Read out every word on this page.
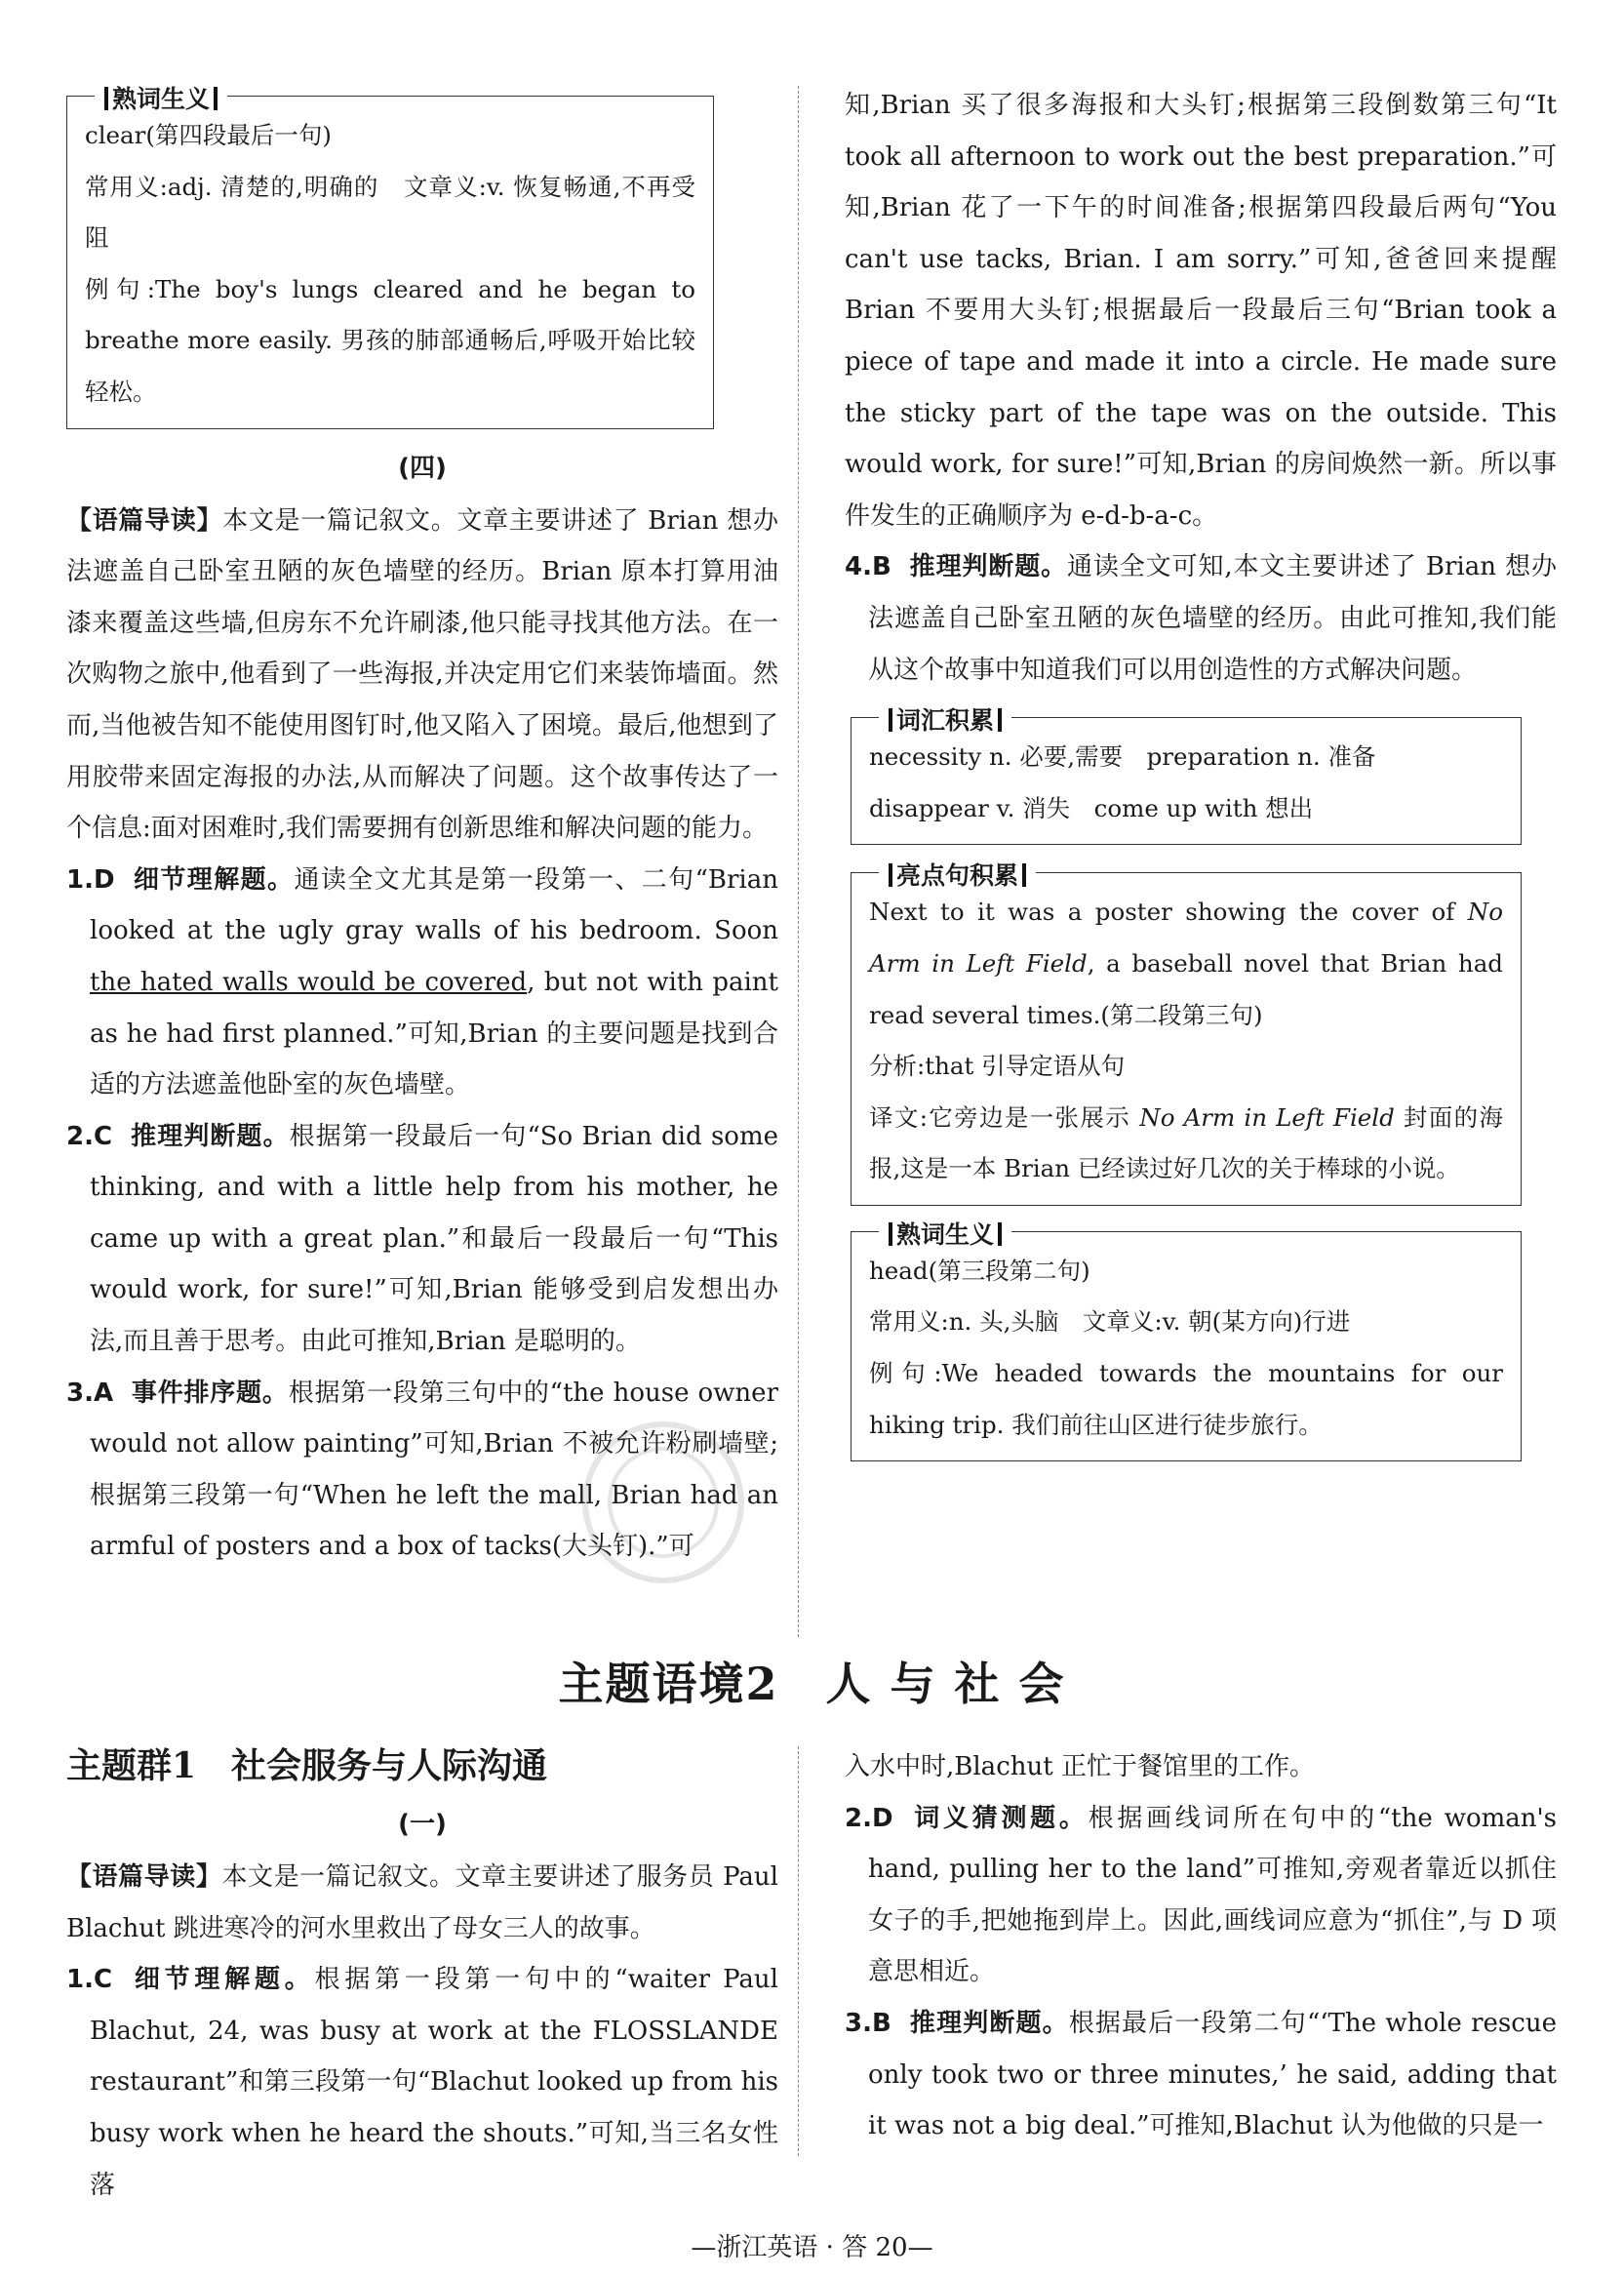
熟词生义

clear(第四段最后一句)

常用义:adj. 清楚的,明确的　文章义:v. 恢复畅通,不再受阻

例句:The boy's lungs cleared and he began to breathe more easily. 男孩的肺部通畅后,呼吸开始比较轻松。

(四)

【语篇导读】本文是一篇记叙文。文章主要讲述了 Brian 想办法遮盖自己卧室丑陋的灰色墙壁的经历。Brian 原本打算用油漆来覆盖这些墙,但房东不允许刷漆,他只能寻找其他方法。在一次购物之旅中,他看到了一些海报,并决定用它们来装饰墙面。然而,当他被告知不能使用图钉时,他又陷入了困境。最后,他想到了用胶带来固定海报的办法,从而解决了问题。这个故事传达了一个信息:面对困难时,我们需要拥有创新思维和解决问题的能力。

1.D 细节理解题。通读全文尤其是第一段第一、二句“Brian looked at the ugly gray walls of his bedroom. Soon the hated walls would be covered, but not with paint as he had first planned.”可知,Brian 的主要问题是找到合适的方法遮盖他卧室的灰色墙壁。

2.C 推理判断题。根据第一段最后一句“So Brian did some thinking, and with a little help from his mother, he came up with a great plan.”和最后一段最后一句“This would work, for sure!”可知,Brian 能够受到启发想出办法,而且善于思考。由此可推知,Brian 是聪明的。

3.A 事件排序题。根据第一段第三句中的“the house owner would not allow painting”可知,Brian 不被允许粉刷墙壁;根据第三段第一句“When he left the mall, Brian had an armful of posters and a box of tacks(大头钉).”可

知,Brian 买了很多海报和大头钉;根据第三段倒数第三句“It took all afternoon to work out the best preparation.”可知,Brian 花了一下午的时间准备;根据第四段最后两句“You can't use tacks, Brian. I am sorry.”可知,爸爸回来提醒 Brian 不要用大头钉;根据最后一段最后三句“Brian took a piece of tape and made it into a circle. He made sure the sticky part of the tape was on the outside. This would work, for sure!”可知,Brian 的房间焕然一新。所以事件发生的正确顺序为 e-d-b-a-c。

4.B 推理判断题。通读全文可知,本文主要讲述了 Brian 想办法遮盖自己卧室丑陋的灰色墙壁的经历。由此可推知,我们能从这个故事中知道我们可以用创造性的方式解决问题。

词汇积累

necessity n. 必要,需要　preparation n. 准备

disappear v. 消失　come up with 想出

亮点句积累

Next to it was a poster showing the cover of No Arm in Left Field, a baseball novel that Brian had read several times.(第二段第三句)

分析:that 引导定语从句

译文:它旁边是一张展示 No Arm in Left Field 封面的海报,这是一本 Brian 已经读过好几次的关于棒球的小说。

熟词生义

head(第三段第二句)

常用义:n. 头,头脑　文章义:v. 朝(某方向)行进

例句:We headed towards the mountains for our hiking trip. 我们前往山区进行徒步旅行。

主题语境2　人 与 社 会
主题群1　社会服务与人际沟通
(一)

【语篇导读】本文是一篇记叙文。文章主要讲述了服务员 Paul Blachut 跳进寒冷的河水里救出了母女三人的故事。

1.C 细节理解题。根据第一段第一句中的“waiter Paul Blachut, 24, was busy at work at the FLOSSLANDE restaurant”和第三段第一句“Blachut looked up from his busy work when he heard the shouts.”可知,当三名女性落

入水中时,Blachut 正忙于餐馆里的工作。

2.D 词义猜测题。根据画线词所在句中的“the woman's hand, pulling her to the land”可推知,旁观者靠近以抓住女子的手,把她拖到岸上。因此,画线词应意为“抓住”,与 D 项意思相近。

3.B 推理判断题。根据最后一段第二句“‘The whole rescue only took two or three minutes,’ he said, adding that it was not a big deal.”可推知,Blachut 认为他做的只是一

—浙江英语 · 答 20—
